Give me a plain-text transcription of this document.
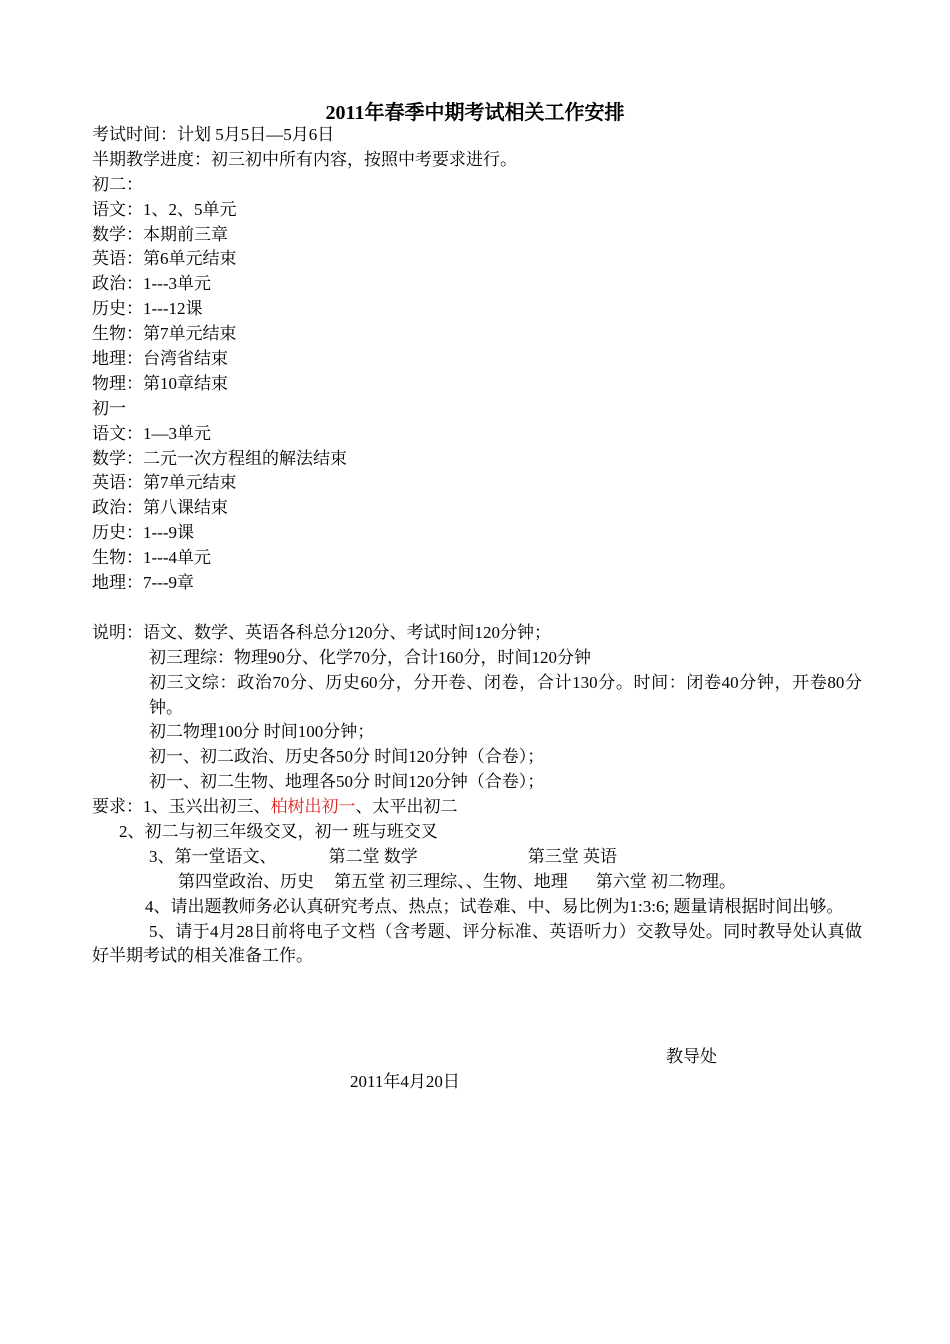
2011年春季中期考试相关工作安排
考试时间：计划 5月5日—5月6日
半期教学进度：初三初中所有内容，按照中考要求进行。
初二：
语文：1、2、5单元
数学：本期前三章
英语：第6单元结束
政治：1---3单元
历史：1---12课
生物：第7单元结束
地理：台湾省结束
物理：第10章结束
初一
语文：1—3单元
数学：二元一次方程组的解法结束
英语：第7单元结束
政治：第八课结束
历史：1---9课
生物：1---4单元
地理：7---9章
说明：语文、数学、英语各科总分120分、考试时间120分钟；
初三理综：物理90分、化学70分，合计160分，时间120分钟
初三文综：政治70分、历史60分，分开卷、闭卷，合计130分。时间：闭卷40分钟，开卷80分钟。
初二物理100分 时间100分钟；
初一、初二政治、历史各50分 时间120分钟（合卷）；
初一、初二生物、地理各50分 时间120分钟（合卷）；
要求：1、玉兴出初三、柏树出初一、太平出初二
2、初二与初三年级交叉，初一 班与班交叉
3、第一堂语文、	第二堂 数学	第三堂 英语
第四堂政治、历史 第五堂 初三理综、、生物、地理 第六堂 初二物理。
4、请出题教师务必认真研究考点、热点；试卷难、中、易比例为1:3:6; 题量请根据时间出够。
5、请于4月28日前将电子文档（含考题、评分标准、英语听力）交教导处。同时教导处认真做好半期考试的相关准备工作。
教导处
2011年4月20日
